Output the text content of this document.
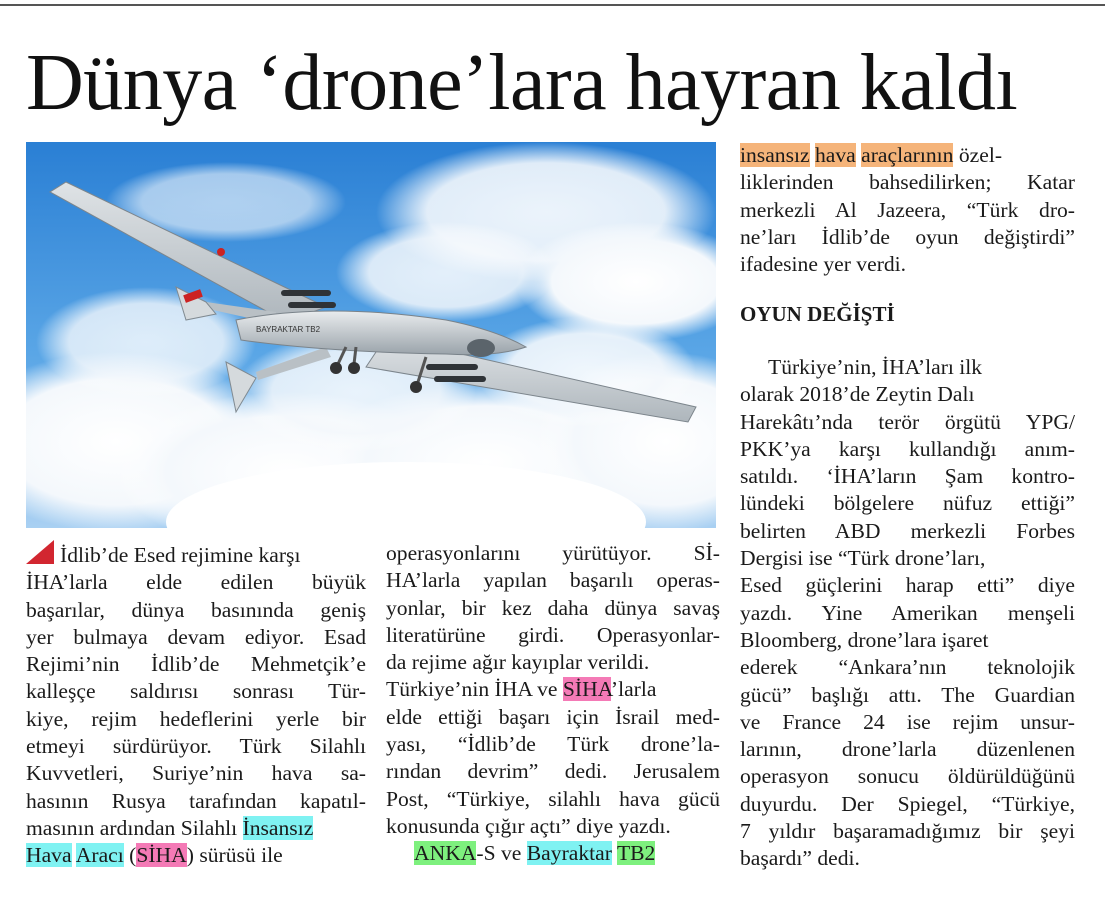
Dünya ‘drone’lara hayran kaldı
BAYRAKTAR TB2
İdlib’de Esed rejimine karşı
İHA’larla elde edilen büyük
başarılar, dünya basınında geniş
yer bulmaya devam ediyor. Esad
Rejimi’nin İdlib’de Mehmetçik’e
kalleşçe saldırısı sonrası Tür-
kiye, rejim hedeflerini yerle bir
etmeyi sürdürüyor. Türk Silahlı
Kuvvetleri, Suriye’nin hava sa-
hasının Rusya tarafından kapatıl-
masının ardından Silahlı İnsansız
Hava Aracı (SİHA) sürüsü ile
operasyonlarını yürütüyor. Sİ-
HA’larla yapılan başarılı operas-
yonlar, bir kez daha dünya savaş
literatürüne girdi. Operasyonlar-
da rejime ağır kayıplar verildi.
Türkiye’nin İHA ve SİHA’larla
elde ettiği başarı için İsrail med-
yası, “İdlib’de Türk drone’la-
rından devrim” dedi. Jerusalem
Post, “Türkiye, silahlı hava gücü
konusunda çığır açtı” diye yazdı.
ANKA-S ve Bayraktar TB2
insansız hava araçlarının özel-
liklerinden bahsedilirken; Katar
merkezli Al Jazeera, “Türk dro-
ne’ları İdlib’de oyun değiştirdi”
ifadesine yer verdi.
OYUN DEĞİŞTİ
Türkiye’nin, İHA’ları ilk
olarak 2018’de Zeytin Dalı
Harekâtı’nda terör örgütü YPG/
PKK’ya karşı kullandığı anım-
satıldı. ‘İHA’ların Şam kontro-
lündeki bölgelere nüfuz ettiği”
belirten ABD merkezli Forbes
Dergisi ise “Türk drone’ları,
Esed güçlerini harap etti” diye
yazdı. Yine Amerikan menşeli
Bloomberg, drone’lara işaret
ederek “Ankara’nın teknolojik
gücü” başlığı attı. The Guardian
ve France 24 ise rejim unsur-
larının, drone’larla düzenlenen
operasyon sonucu öldürüldüğünü
duyurdu. Der Spiegel, “Türkiye,
7 yıldır başaramadığımız bir şeyi
başardı” dedi.
